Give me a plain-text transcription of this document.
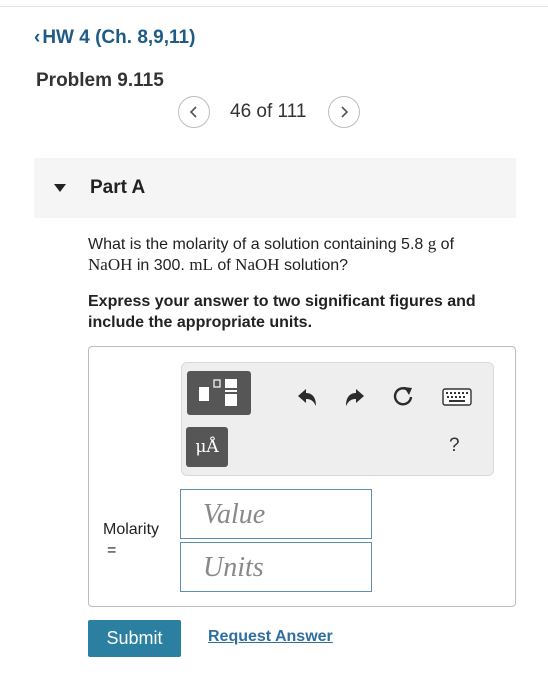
‹ HW 4 (Ch. 8,9,11)
Problem 9.115
46 of 111
Part A
What is the molarity of a solution containing 5.8 g of
NaOH in 300. mL of NaOH solution?
Express your answer to two significant figures and include the appropriate units.
μÅ	?
Molarity
=
Value
Units
Submit	Request Answer
